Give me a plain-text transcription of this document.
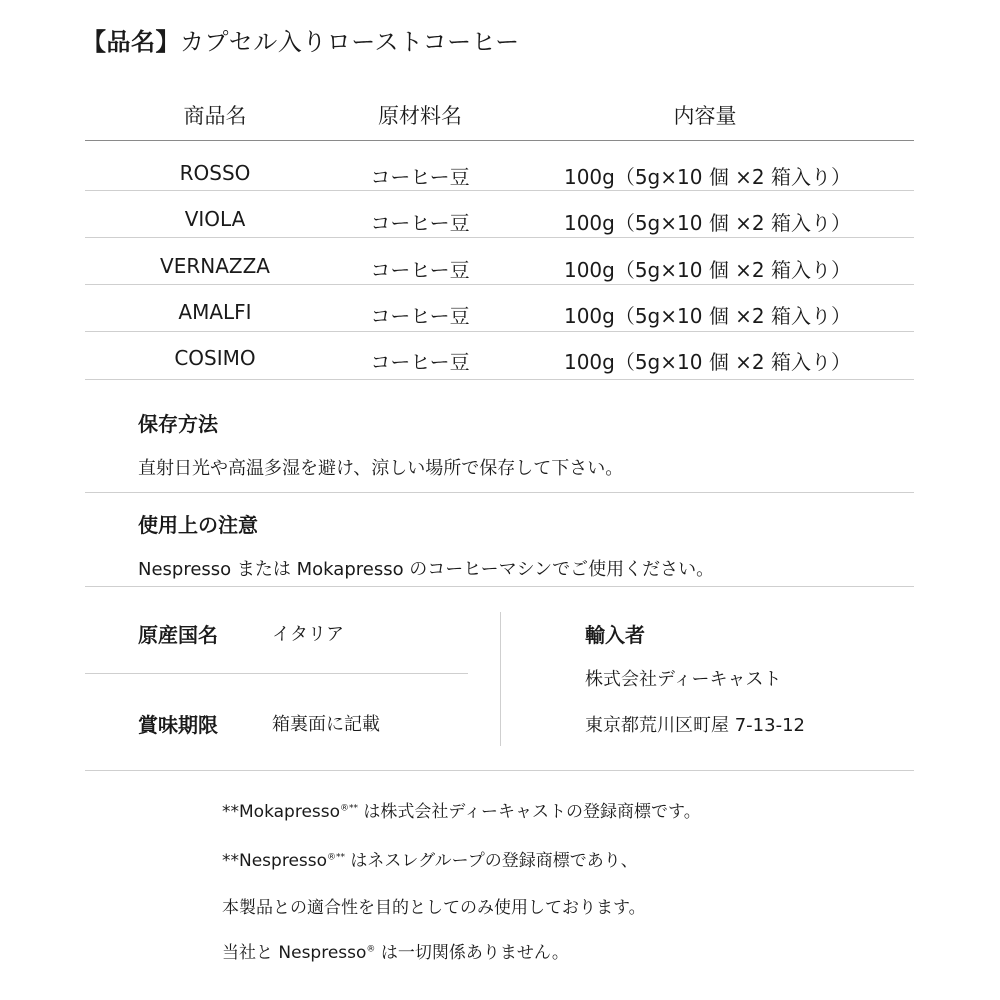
【品名】カプセル入りローストコーヒー
商品名	原材料名	内容量
ROSSO	コーヒー豆	100g（5g×10 個 ×2 箱入り）
VIOLA	コーヒー豆	100g（5g×10 個 ×2 箱入り）
VERNAZZA	コーヒー豆	100g（5g×10 個 ×2 箱入り）
AMALFI	コーヒー豆	100g（5g×10 個 ×2 箱入り）
COSIMO	コーヒー豆	100g（5g×10 個 ×2 箱入り）
保存方法
直射日光や高温多湿を避け、涼しい場所で保存して下さい。
使用上の注意
Nespresso または Mokapresso のコーヒーマシンでご使用ください。
原産国名	イタリア
賞味期限	箱裏面に記載
輸入者
株式会社ディーキャスト
東京都荒川区町屋 7-13-12
**Mokapresso®** は株式会社ディーキャストの登録商標です。
**Nespresso®** はネスレグループの登録商標であり、
本製品との適合性を目的としてのみ使用しております。
当社と Nespresso® は一切関係ありません。
